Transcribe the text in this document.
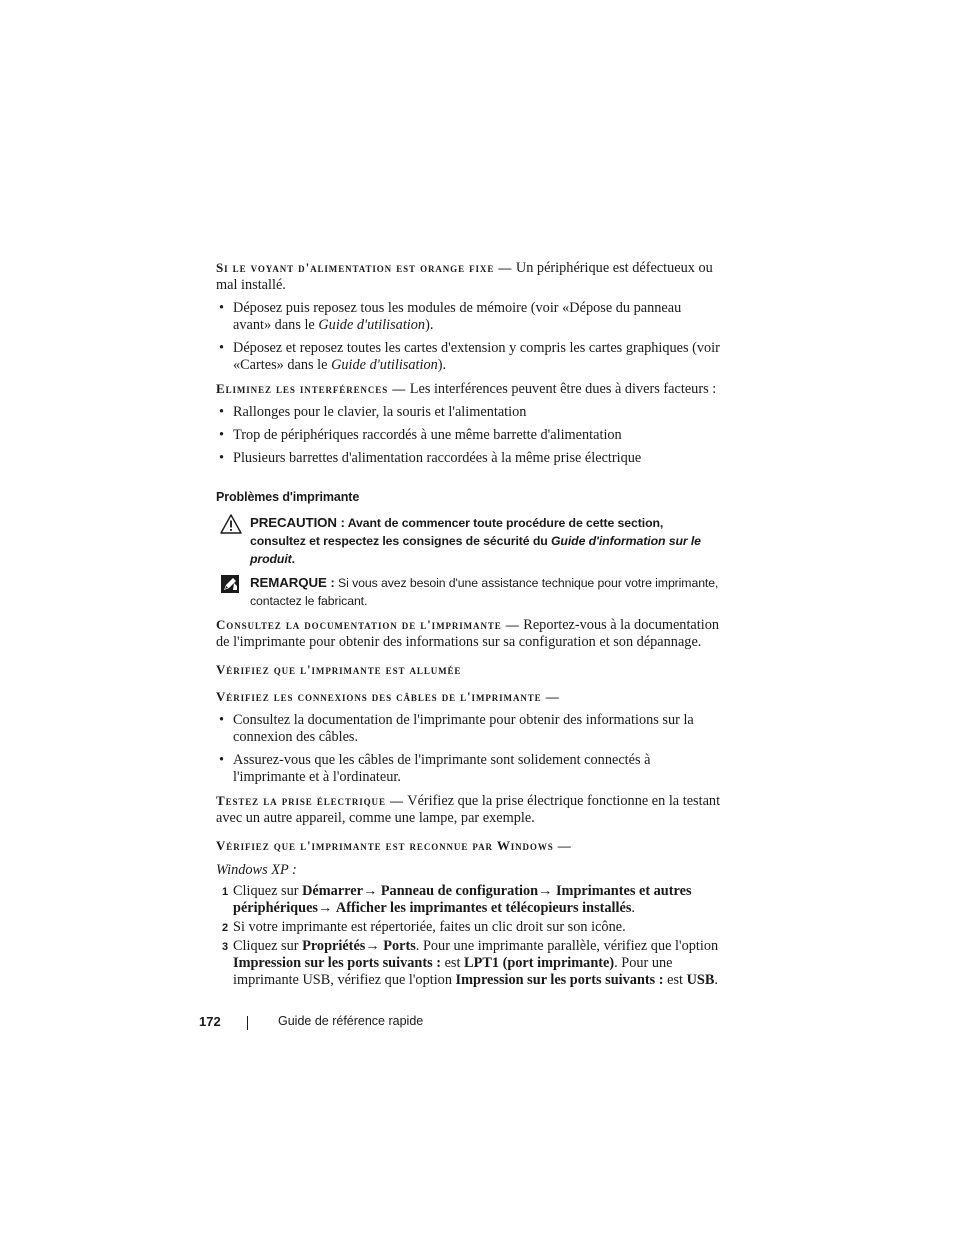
Si le voyant d'alimentation est orange fixe — Un périphérique est défectueux ou mal installé.

• Déposez puis reposez tous les modules de mémoire (voir «Dépose du panneau avant» dans le Guide d'utilisation).
• Déposez et reposez toutes les cartes d'extension y compris les cartes graphiques (voir «Cartes» dans le Guide d'utilisation).

Eliminez les interférences — Les interférences peuvent être dues à divers facteurs :

• Rallonges pour le clavier, la souris et l'alimentation
• Trop de périphériques raccordés à une même barrette d'alimentation
• Plusieurs barrettes d'alimentation raccordées à la même prise électrique
Problèmes d'imprimante
PRECAUTION : Avant de commencer toute procédure de cette section, consultez et respectez les consignes de sécurité du Guide d'information sur le produit.
REMARQUE : Si vous avez besoin d'une assistance technique pour votre imprimante, contactez le fabricant.

Consultez la documentation de l'imprimante — Reportez-vous à la documentation de l'imprimante pour obtenir des informations sur sa configuration et son dépannage.

Vérifiez que l'imprimante est allumée

Vérifiez les connexions des câbles de l'imprimante —

• Consultez la documentation de l'imprimante pour obtenir des informations sur la connexion des câbles.
• Assurez-vous que les câbles de l'imprimante sont solidement connectés à l'imprimante et à l'ordinateur.

Testez la prise électrique — Vérifiez que la prise électrique fonctionne en la testant avec un autre appareil, comme une lampe, par exemple.

Vérifiez que l'imprimante est reconnue par Windows —

Windows XP :

1 Cliquez sur Démarrer→ Panneau de configuration→ Imprimantes et autres périphériques→ Afficher les imprimantes et télécopieurs installés.
2 Si votre imprimante est répertoriée, faites un clic droit sur son icône.
3 Cliquez sur Propriétés→ Ports. Pour une imprimante parallèle, vérifiez que l'option Impression sur les ports suivants : est LPT1 (port imprimante). Pour une imprimante USB, vérifiez que l'option Impression sur les ports suivants : est USB.
172	Guide de référence rapide
